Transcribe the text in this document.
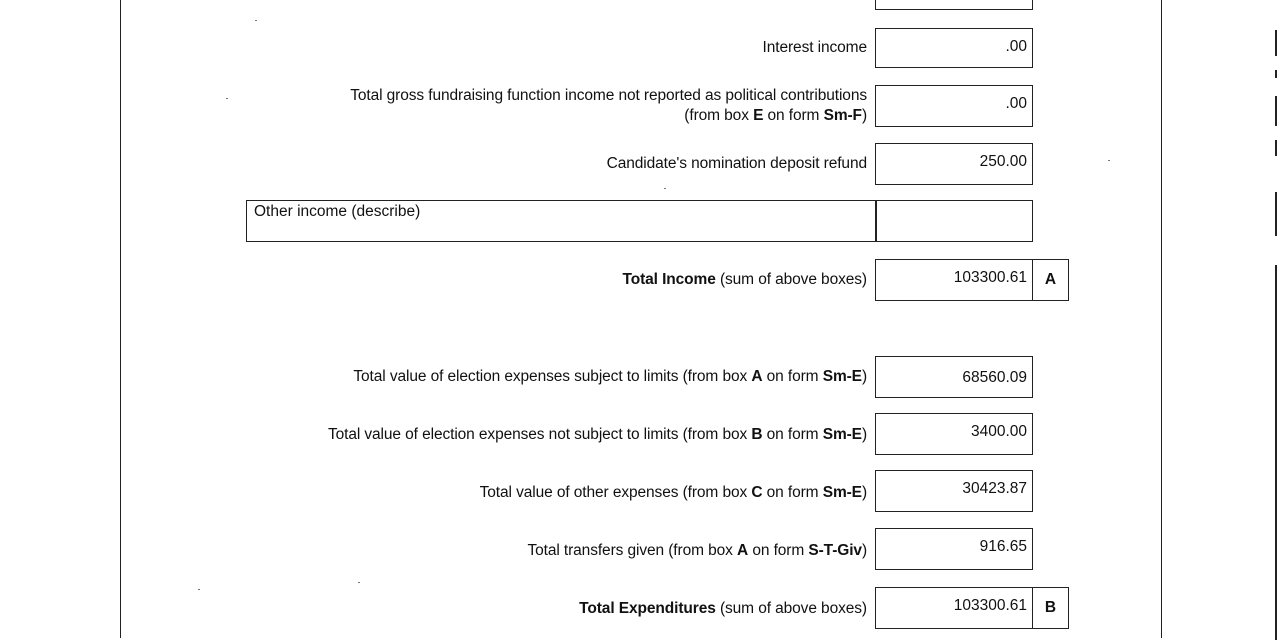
Interest income	.00
Total gross fundraising function income not reported as political contributions
(from box E on form Sm-F)
.00
Candidate's nomination deposit refund	250.00
Other income (describe)
Total Income (sum of above boxes)	103300.61	A
Total value of election expenses subject to limits (from box A on form Sm-E)	68560.09
Total value of election expenses not subject to limits (from box B on form Sm-E)	3400.00
Total value of other expenses (from box C on form Sm-E)	30423.87
Total transfers given (from box A on form S-T-Giv)	916.65
Total Expenditures (sum of above boxes)	103300.61	B
